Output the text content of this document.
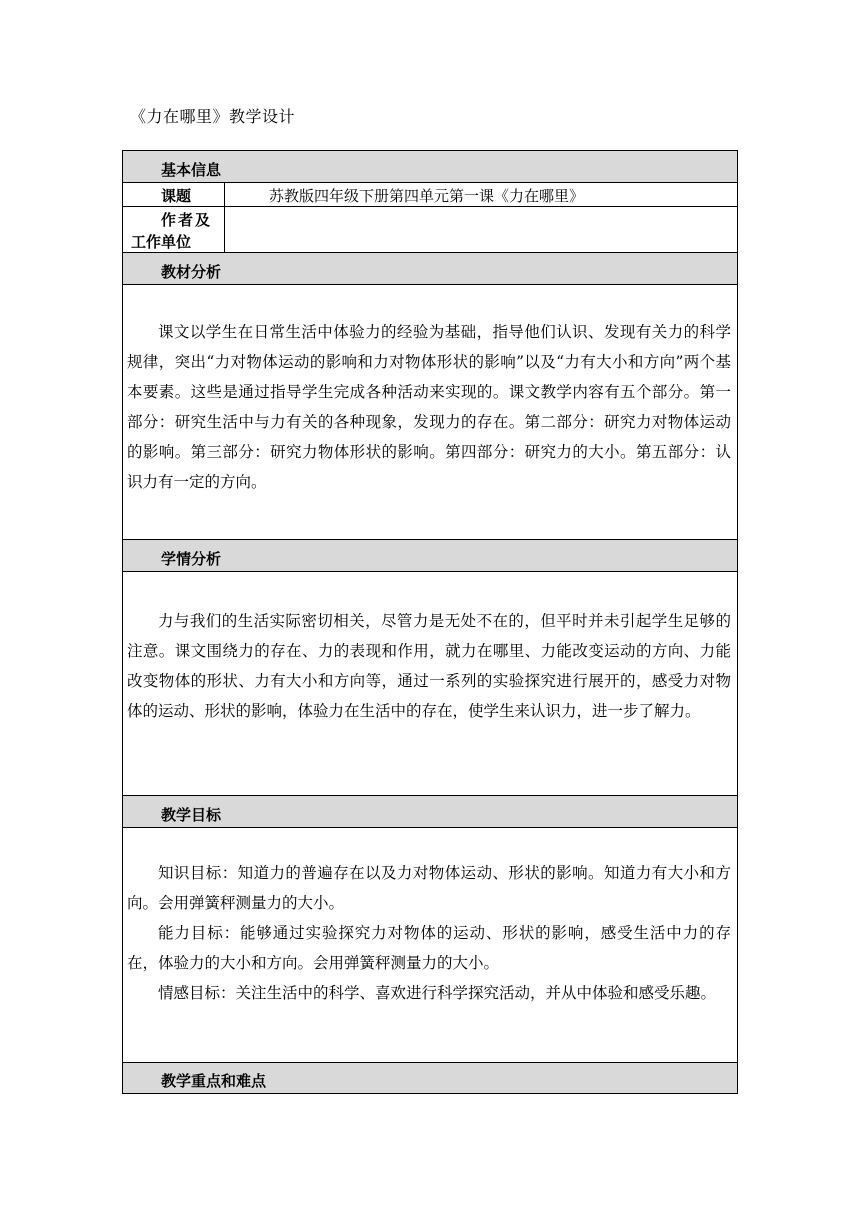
《力在哪里》教学设计
基本信息
课题	苏教版四年级下册第四单元第一课《力在哪里》
作者及
工作单位
教材分析

课文以学生在日常生活中体验力的经验为基础，指导他们认识、发现有关力的科学规律，突出“力对物体运动的影响和力对物体形状的影响”以及“力有大小和方向”两个基本要素。这些是通过指导学生完成各种活动来实现的。课文教学内容有五个部分。第一部分：研究生活中与力有关的各种现象，发现力的存在。第二部分：研究力对物体运动的影响。第三部分：研究力物体形状的影响。第四部分：研究力的大小。第五部分：认识力有一定的方向。

学情分析

力与我们的生活实际密切相关，尽管力是无处不在的，但平时并未引起学生足够的注意。课文围绕力的存在、力的表现和作用，就力在哪里、力能改变运动的方向、力能改变物体的形状、力有大小和方向等，通过一系列的实验探究进行展开的，感受力对物体的运动、形状的影响，体验力在生活中的存在，使学生来认识力，进一步了解力。

教学目标

知识目标：知道力的普遍存在以及力对物体运动、形状的影响。知道力有大小和方向。会用弹簧秤测量力的大小。

能力目标：能够通过实验探究力对物体的运动、形状的影响，感受生活中力的存在，体验力的大小和方向。会用弹簧秤测量力的大小。

情感目标：关注生活中的科学、喜欢进行科学探究活动，并从中体验和感受乐趣。

教学重点和难点
